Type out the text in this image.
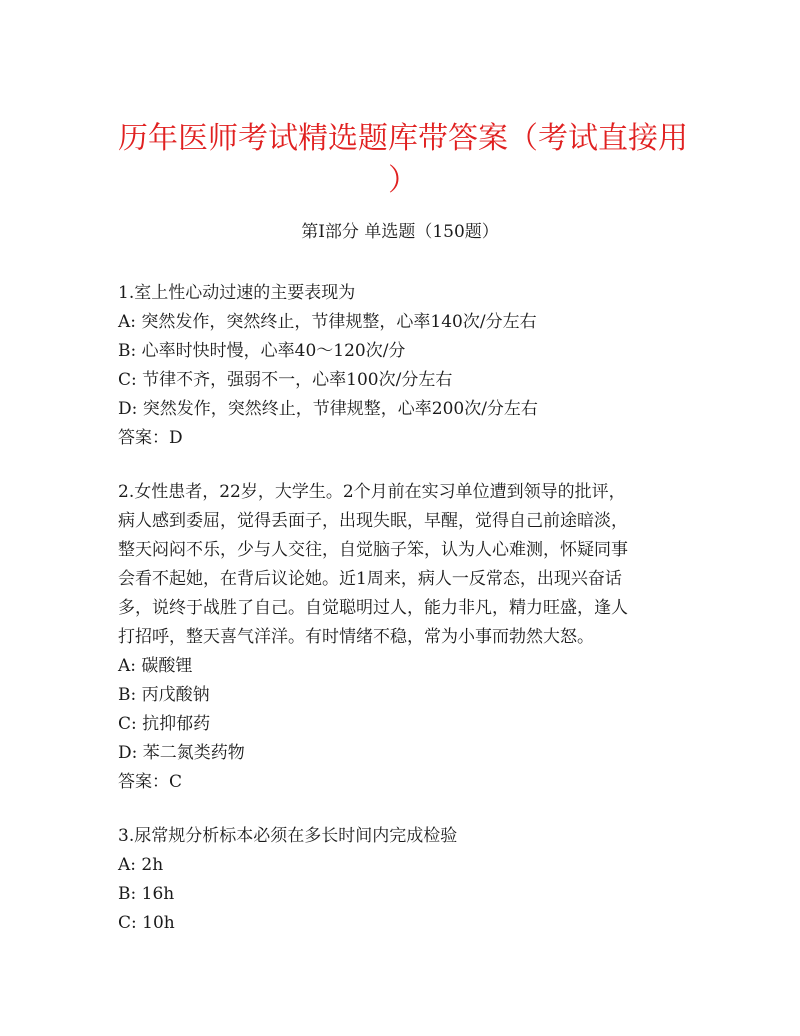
历年医师考试精选题库带答案（考试直接用
）
第I部分 单选题（150题）
1.室上性心动过速的主要表现为
A: 突然发作，突然终止，节律规整，心率140次/分左右
B: 心率时快时慢，心率40～120次/分
C: 节律不齐，强弱不一，心率100次/分左右
D: 突然发作，突然终止，节律规整，心率200次/分左右
答案：D
2.女性患者，22岁，大学生。2个月前在实习单位遭到领导的批评，
病人感到委屈，觉得丢面子，出现失眠，早醒，觉得自己前途暗淡，
整天闷闷不乐，少与人交往，自觉脑子笨，认为人心难测，怀疑同事
会看不起她，在背后议论她。近1周来，病人一反常态，出现兴奋话
多，说终于战胜了自己。自觉聪明过人，能力非凡，精力旺盛，逢人
打招呼，整天喜气洋洋。有时情绪不稳，常为小事而勃然大怒。
A: 碳酸锂
B: 丙戊酸钠
C: 抗抑郁药
D: 苯二氮类药物
答案：C
3.尿常规分析标本必须在多长时间内完成检验
A: 2h
B: 16h
C: 10h
